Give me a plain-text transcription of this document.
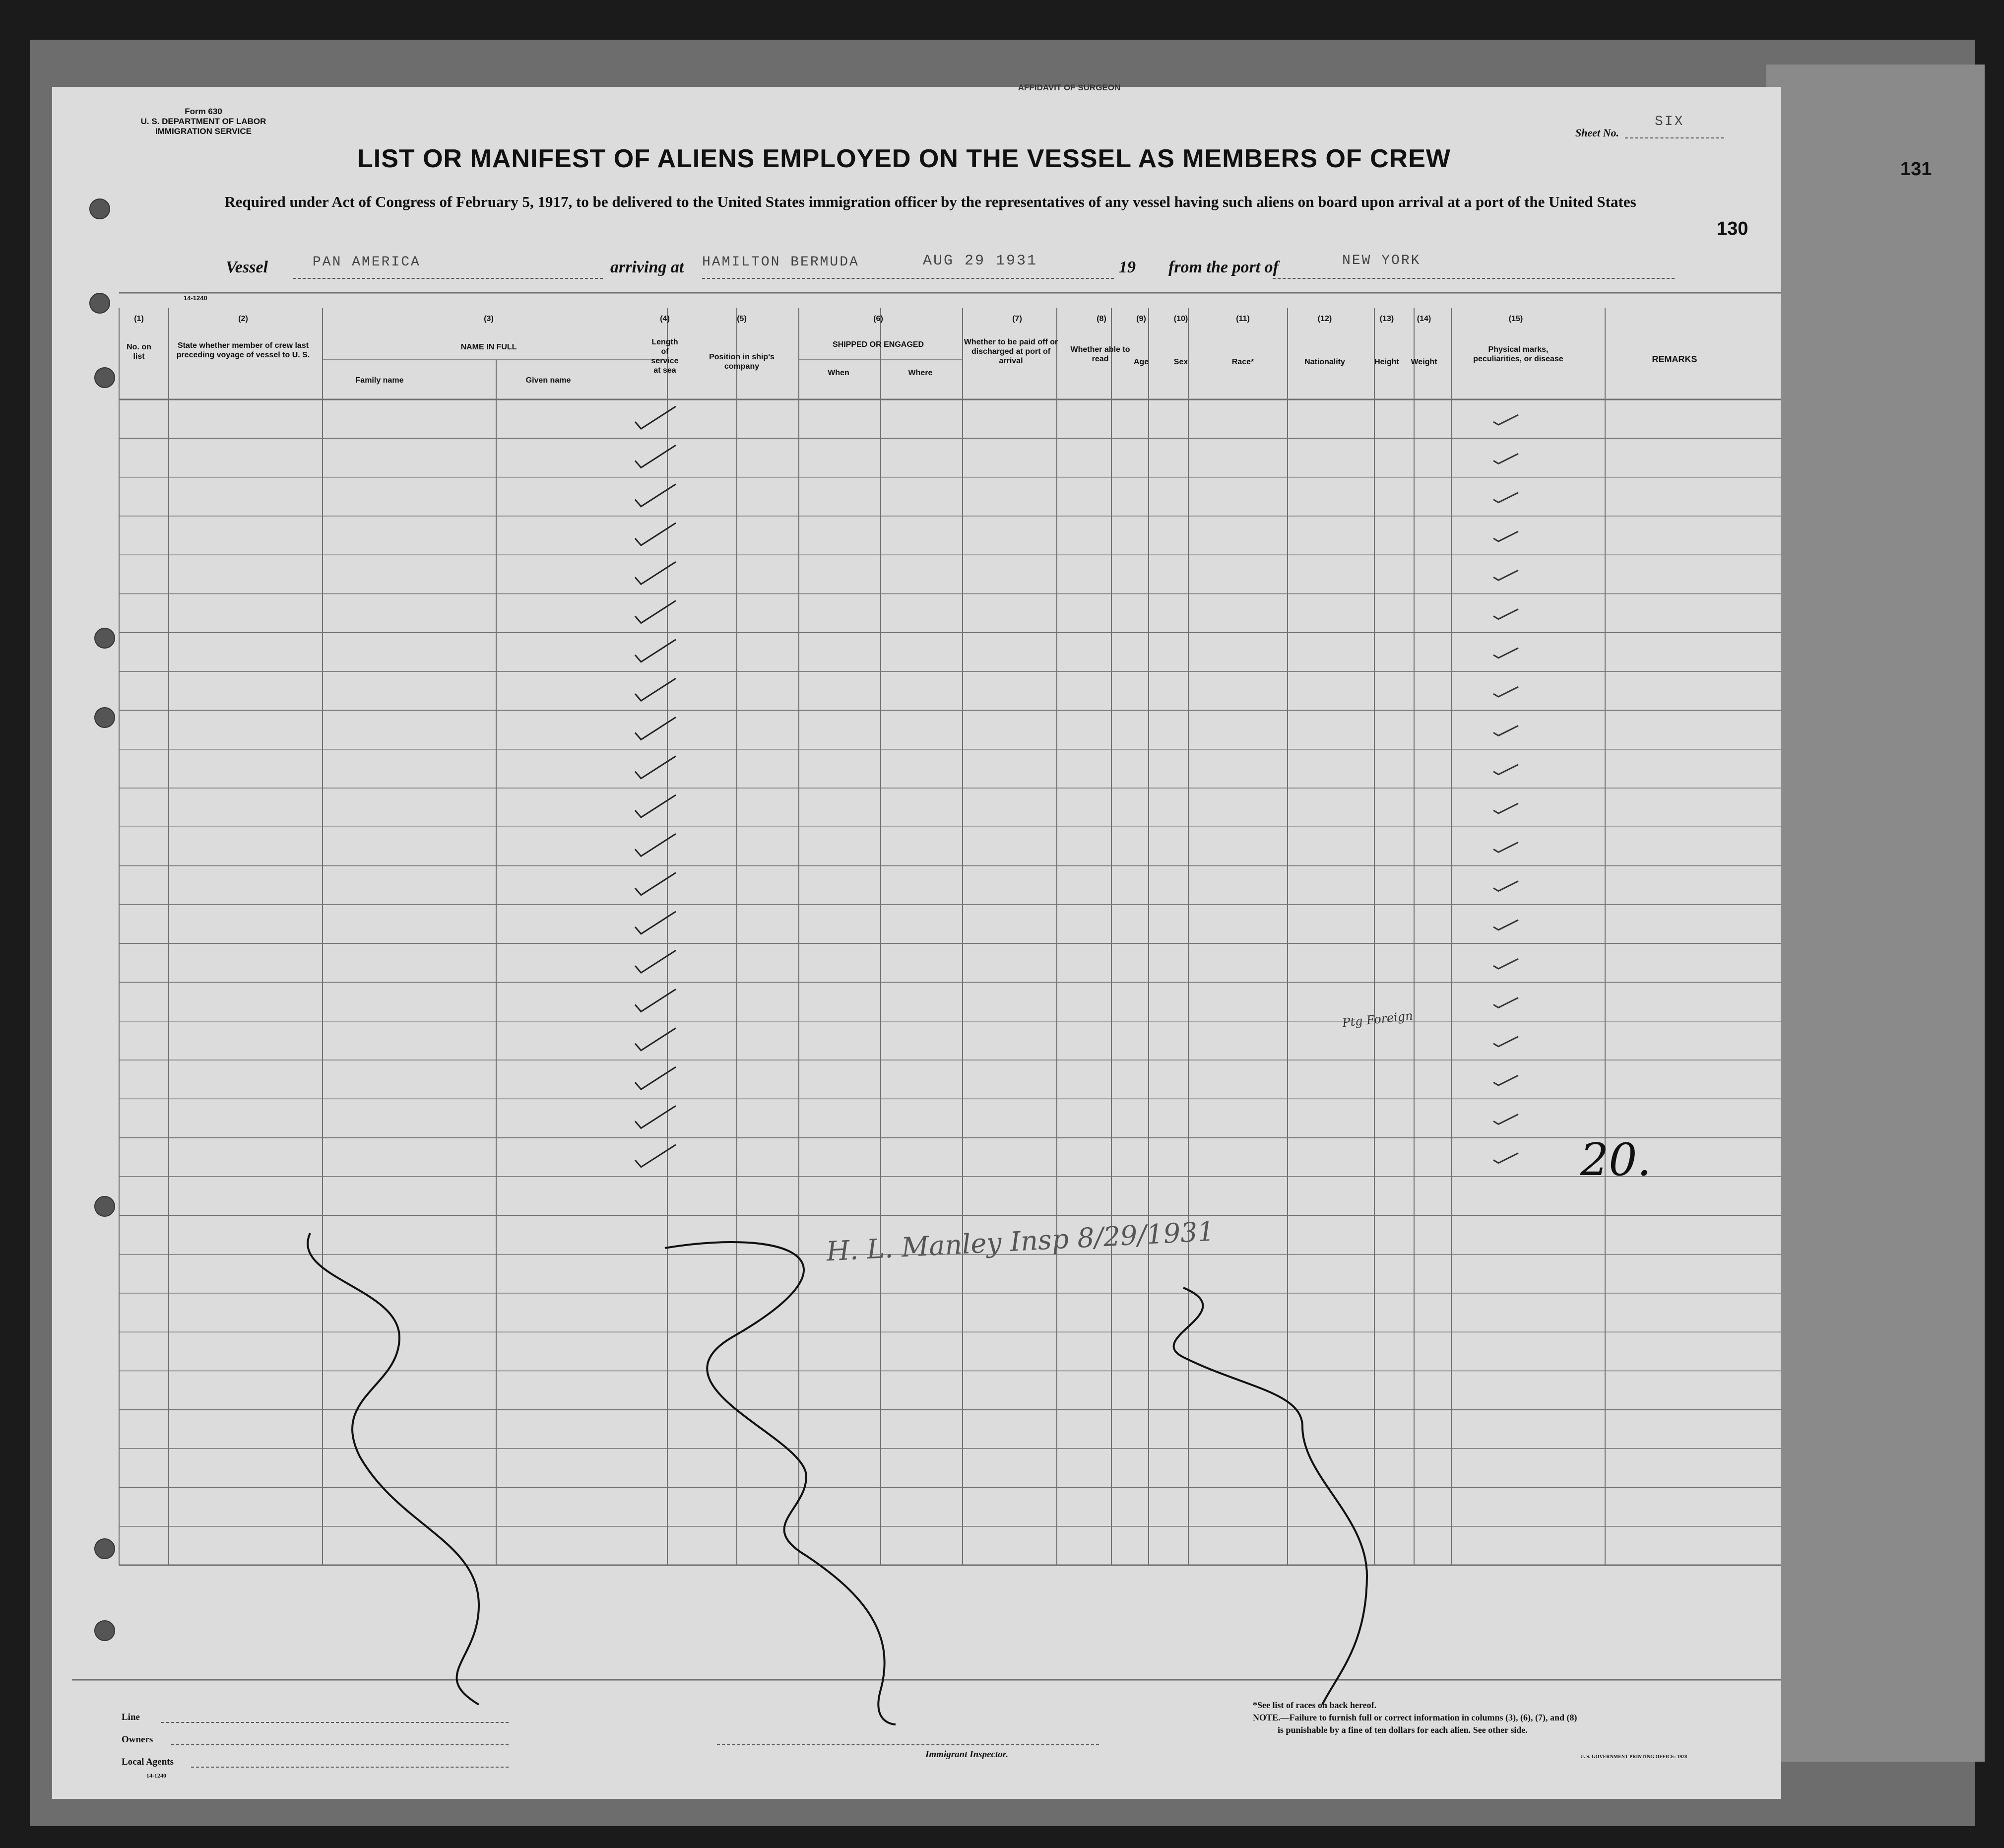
AFFIDAVIT OF SURGEON
Form 630
U. S. DEPARTMENT OF LABOR
IMMIGRATION SERVICE	Sheet No.
SIX
LIST OR MANIFEST OF ALIENS EMPLOYED ON THE VESSEL AS MEMBERS OF CREW
Required under Act of Congress of February 5, 1917, to be delivered to the United States immigration officer by the representatives of any vessel having such aliens on board upon arrival at a port of the United States
130
Vessel	PAN AMERICA	arriving at HAMILTON BERMUDA	AUG 29 1931	19 from the port of	NEW YORK
14-1240
(1)
No. on list
(2)
State whether member of crew last preceding voyage of vessel to U. S.
(3)
NAME IN FULL
Family name	Given name
(4)
Length of service at sea
(5)
Position in ship's company
(6)
SHIPPED OR ENGAGED
When	Where
(7)
Whether to be paid off or discharged at port of arrival
(8)
Whether able to read
(9)
Age
(10)
Sex
(11)
Race*
(12)
Nationality
(13)
Height
(14)
Weight
(15)
Physical marks, peculiarities, or disease	REMARKS
20.
H. L. Manley Insp 8/29/1931
Ptg Foreign
Line
Owners
Local Agents
14-1240
Immigrant Inspector.
*See list of races on back hereof.
NOTE.—Failure to furnish full or correct information in columns (3), (6), (7), and (8)
is punishable by a fine of ten dollars for each alien. See other side.
U. S. GOVERNMENT PRINTING OFFICE: 1928
131
